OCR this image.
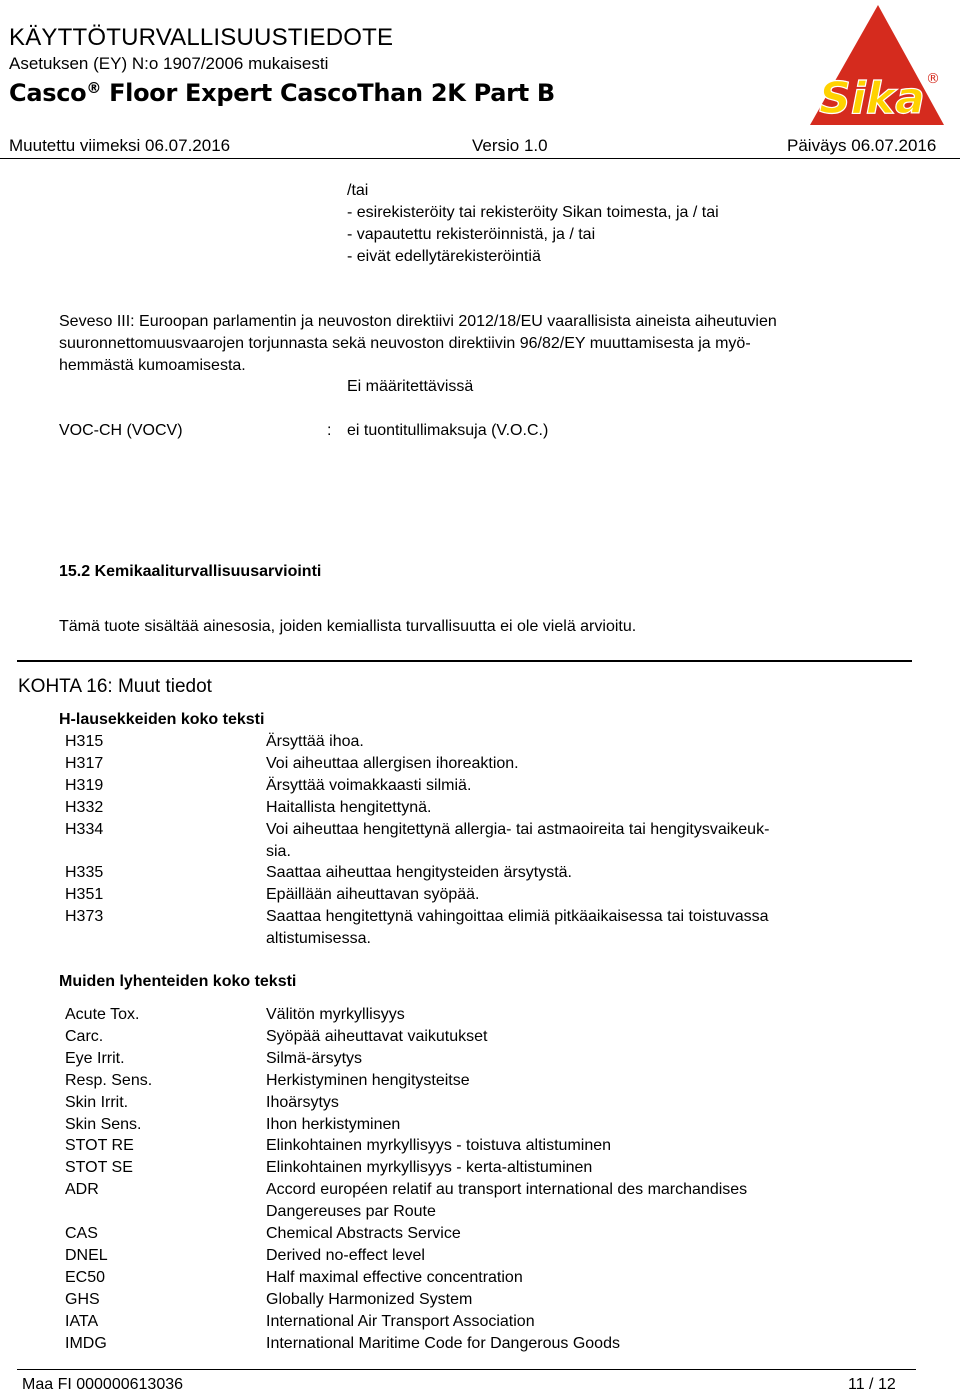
KÄYTTÖTURVALLISUUSTIEDOTE
Asetuksen (EY) N:o 1907/2006 mukaisesti
Casco® Floor Expert CascoThan 2K Part B
Muutettu viimeksi 06.07.2016	Versio 1.0	Päiväys 06.07.2016
Sika ®
/tai
- esirekisteröity tai rekisteröity Sikan toimesta, ja / tai
- vapautettu rekisteröinnistä, ja / tai
- eivät edellytärekisteröintiä
Seveso III: Euroopan parlamentin ja neuvoston direktiivi 2012/18/EU vaarallisista aineista aiheutuvien
suuronnettomuusvaarojen torjunnasta sekä neuvoston direktiivin 96/82/EY muuttamisesta ja myö-
hemmästä kumoamisesta.
Ei määritettävissä
VOC-CH (VOCV)	: ei tuontitullimaksuja (V.O.C.)
15.2 Kemikaaliturvallisuusarviointi
Tämä tuote sisältää ainesosia, joiden kemiallista turvallisuutta ei ole vielä arvioitu.
KOHTA 16: Muut tiedot
H-lausekkeiden koko teksti
H315	Ärsyttää ihoa.
H317	Voi aiheuttaa allergisen ihoreaktion.
H319	Ärsyttää voimakkaasti silmiä.
H332	Haitallista hengitettynä.
H334	Voi aiheuttaa hengitettynä allergia- tai astmaoireita tai hengitysvaikeuk-
sia.
H335	Saattaa aiheuttaa hengitysteiden ärsytystä.
H351	Epäillään aiheuttavan syöpää.
H373	Saattaa hengitettynä vahingoittaa elimiä pitkäaikaisessa tai toistuvassa
altistumisessa.
Muiden lyhenteiden koko teksti
Acute Tox.	Välitön myrkyllisyys
Carc.	Syöpää aiheuttavat vaikutukset
Eye Irrit.	Silmä-ärsytys
Resp. Sens.	Herkistyminen hengitysteitse
Skin Irrit.	Ihoärsytys
Skin Sens.	Ihon herkistyminen
STOT RE	Elinkohtainen myrkyllisyys - toistuva altistuminen
STOT SE	Elinkohtainen myrkyllisyys - kerta-altistuminen
ADR	Accord européen relatif au transport international des marchandises
Dangereuses par Route
CAS	Chemical Abstracts Service
DNEL	Derived no-effect level
EC50	Half maximal effective concentration
GHS	Globally Harmonized System
IATA	International Air Transport Association
IMDG	International Maritime Code for Dangerous Goods
Maa FI 000000613036	11 / 12
